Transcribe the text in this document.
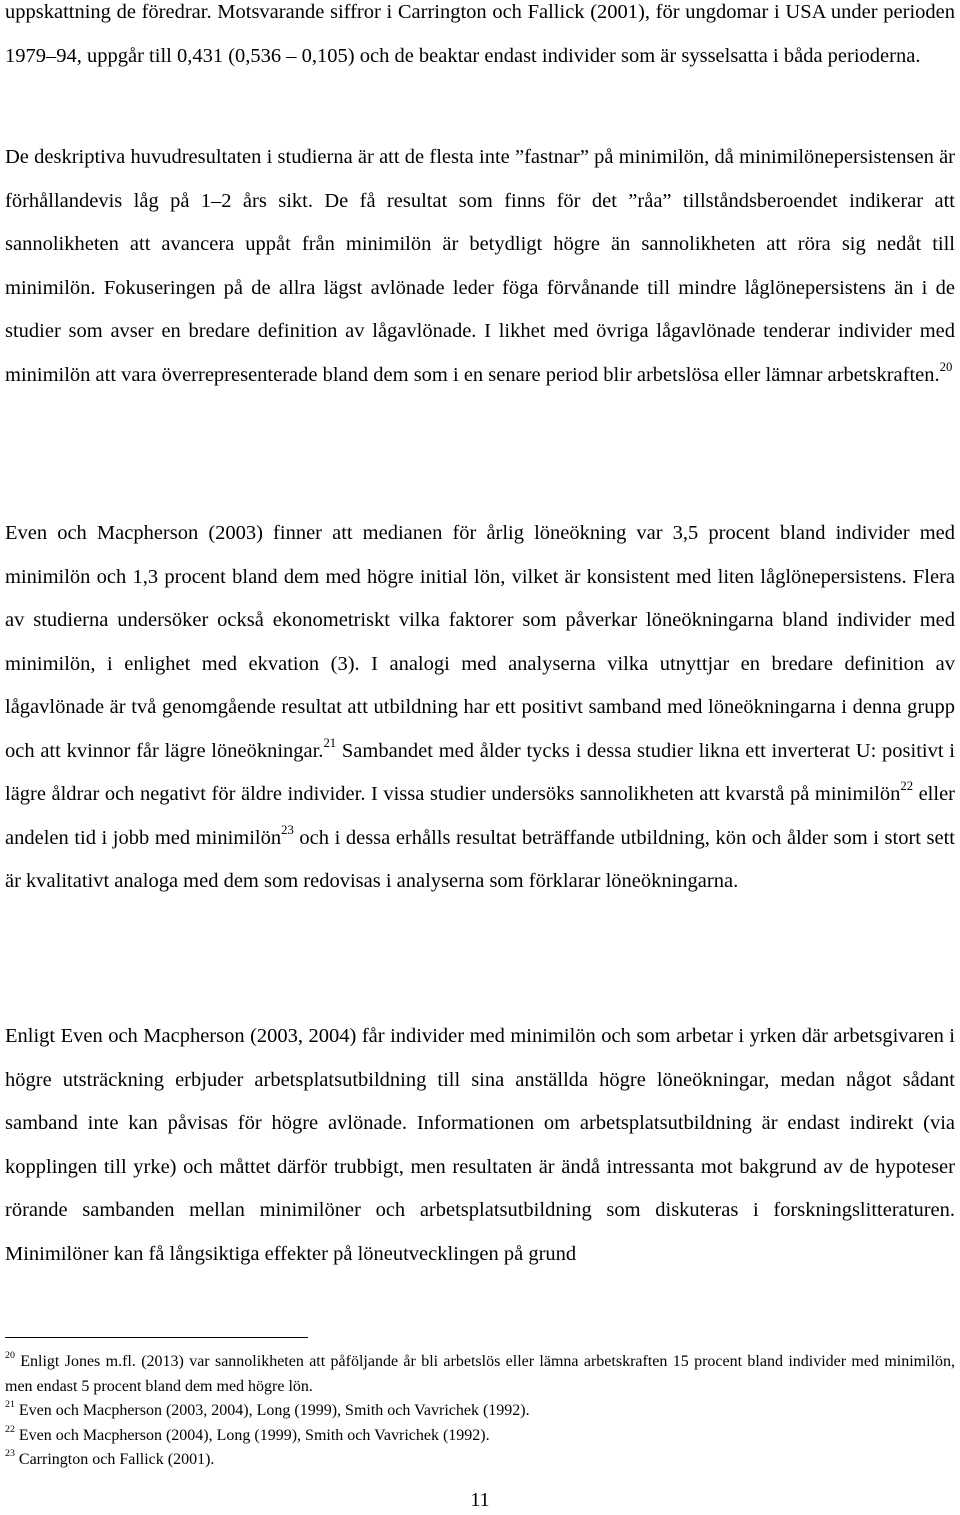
uppskattning de föredrar. Motsvarande siffror i Carrington och Fallick (2001), för ungdomar i USA under perioden 1979–94, uppgår till 0,431 (0,536 – 0,105) och de beaktar endast individer som är sysselsatta i båda perioderna.

De deskriptiva huvudresultaten i studierna är att de flesta inte ”fastnar” på minimilön, då minimilönepersistensen är förhållandevis låg på 1–2 års sikt. De få resultat som finns för det ”råa” tillståndsberoendet indikerar att sannolikheten att avancera uppåt från minimilön är betydligt högre än sannolikheten att röra sig nedåt till minimilön. Fokuseringen på de allra lägst avlönade leder föga förvånande till mindre låglönepersistens än i de studier som avser en bredare definition av lågavlönade. I likhet med övriga lågavlönade tenderar individer med minimilön att vara överrepresenterade bland dem som i en senare period blir arbetslösa eller lämnar arbetskraften.$^{20}$

Even och Macpherson (2003) finner att medianen för årlig löneökning var 3,5 procent bland individer med minimilön och 1,3 procent bland dem med högre initial lön, vilket är konsistent med liten låglönepersistens. Flera av studierna undersöker också ekonometriskt vilka faktorer som påverkar löneökningarna bland individer med minimilön, i enlighet med ekvation (3). I analogi med analyserna vilka utnyttjar en bredare definition av lågavlönade är två genomgående resultat att utbildning har ett positivt samband med löneökningarna i denna grupp och att kvinnor får lägre löneökningar.$^{21}$ Sambandet med ålder tycks i dessa studier likna ett inverterat U: positivt i lägre åldrar och negativt för äldre individer. I vissa studier undersöks sannolikheten att kvarstå på minimilön$^{22}$ eller andelen tid i jobb med minimilön$^{23}$ och i dessa erhålls resultat beträffande utbildning, kön och ålder som i stort sett är kvalitativt analoga med dem som redovisas i analyserna som förklarar löneökningarna.

Enligt Even och Macpherson (2003, 2004) får individer med minimilön och som arbetar i yrken där arbetsgivaren i högre utsträckning erbjuder arbetsplatsutbildning till sina anställda högre löneökningar, medan något sådant samband inte kan påvisas för högre avlönade. Informationen om arbetsplatsutbildning är endast indirekt (via kopplingen till yrke) och måttet därför trubbigt, men resultaten är ändå intressanta mot bakgrund av de hypoteser rörande sambanden mellan minimilöner och arbetsplatsutbildning som diskuteras i forskningslitteraturen. Minimilöner kan få långsiktiga effekter på löneutvecklingen på grund

$^{20}$ Enligt Jones m.fl. (2013) var sannolikheten att påföljande år bli arbetslös eller lämna arbetskraften 15 procent bland individer med minimilön, men endast 5 procent bland dem med högre lön.

$^{21}$ Even och Macpherson (2003, 2004), Long (1999), Smith och Vavrichek (1992).

$^{22}$ Even och Macpherson (2004), Long (1999), Smith och Vavrichek (1992).

$^{23}$ Carrington och Fallick (2001).

11
